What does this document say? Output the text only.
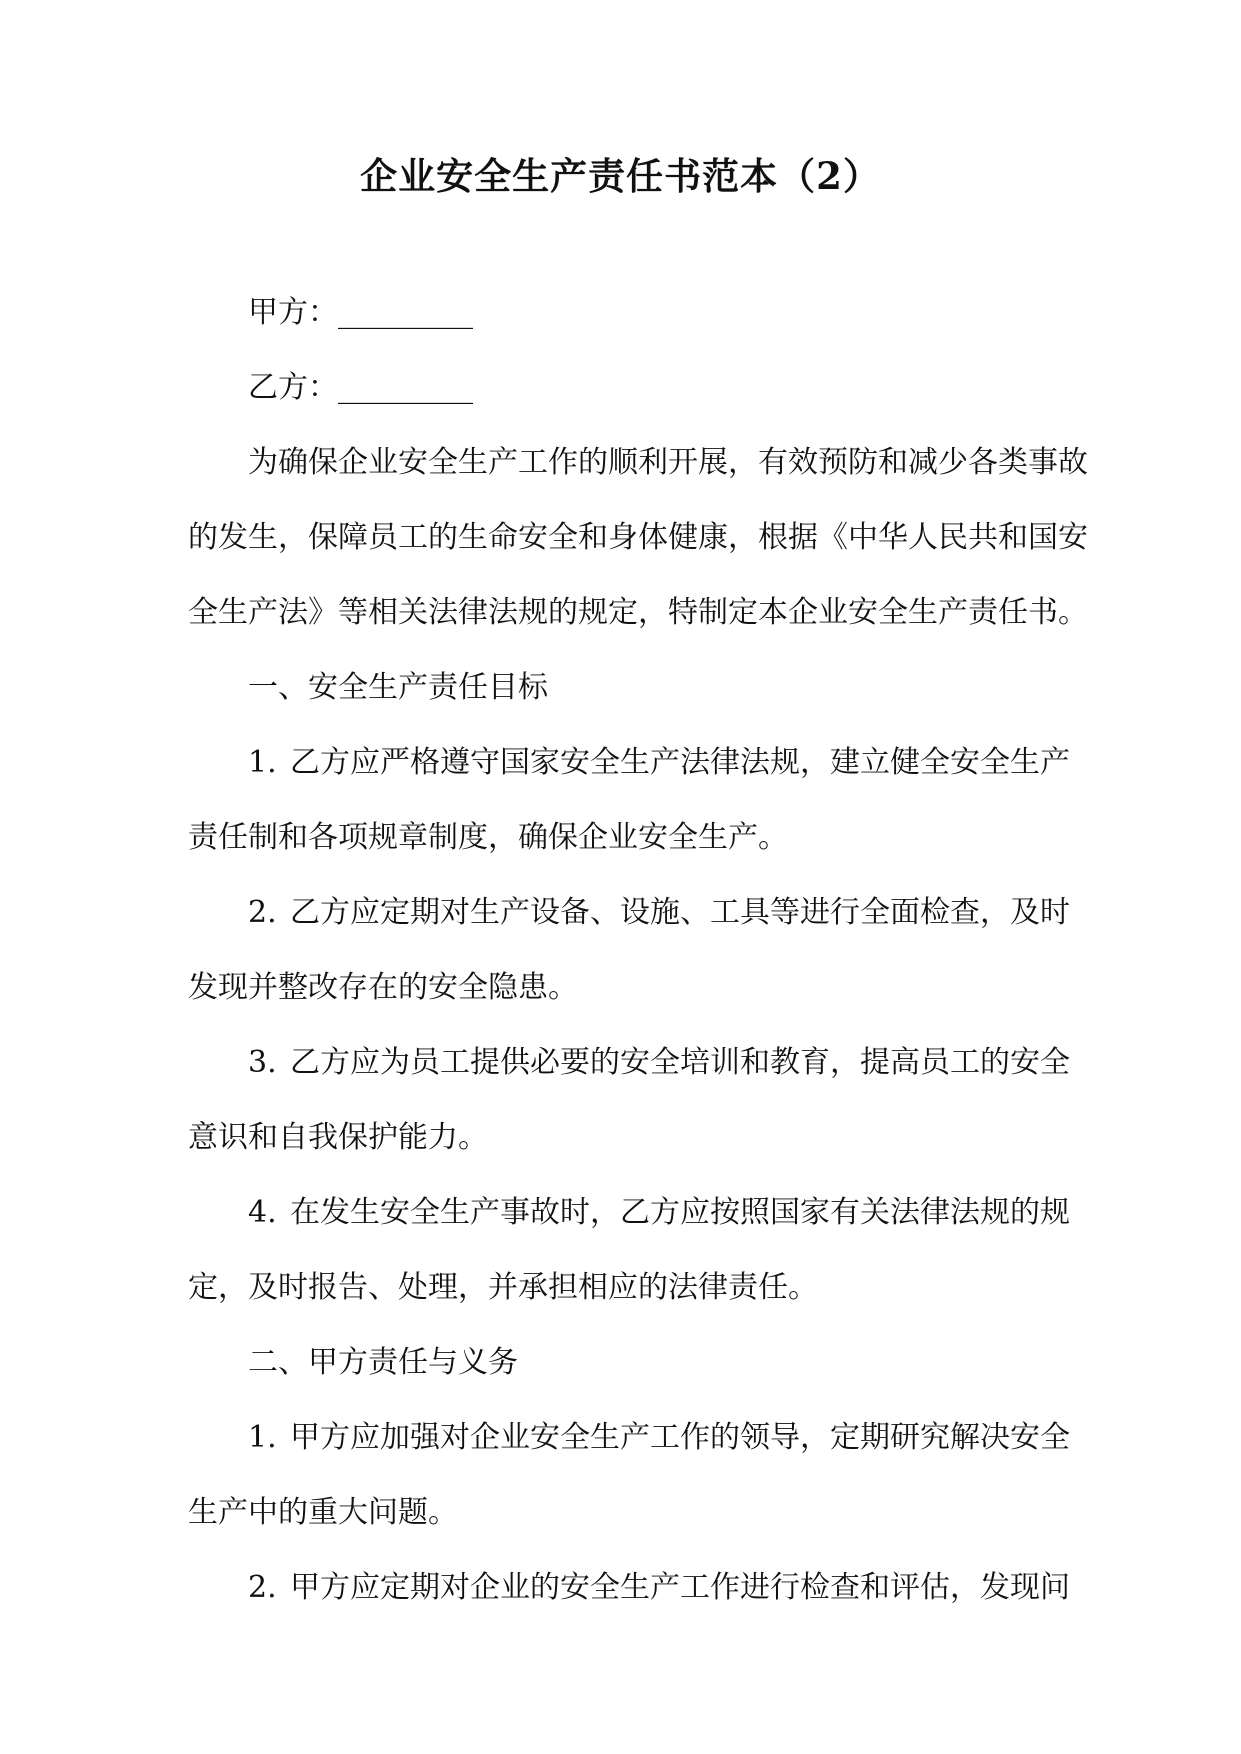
企业安全生产责任书范本（2）
甲方：_________
乙方：_________
为确保企业安全生产工作的顺利开展，有效预防和减少各类事故
的发生，保障员工的生命安全和身体健康，根据《中华人民共和国安
全生产法》等相关法律法规的规定，特制定本企业安全生产责任书。
一、安全生产责任目标
1. 乙方应严格遵守国家安全生产法律法规，建立健全安全生产
责任制和各项规章制度，确保企业安全生产。
2. 乙方应定期对生产设备、设施、工具等进行全面检查，及时
发现并整改存在的安全隐患。
3. 乙方应为员工提供必要的安全培训和教育，提高员工的安全
意识和自我保护能力。
4. 在发生安全生产事故时，乙方应按照国家有关法律法规的规
定，及时报告、处理，并承担相应的法律责任。
二、甲方责任与义务
1. 甲方应加强对企业安全生产工作的领导，定期研究解决安全
生产中的重大问题。
2. 甲方应定期对企业的安全生产工作进行检查和评估，发现问
